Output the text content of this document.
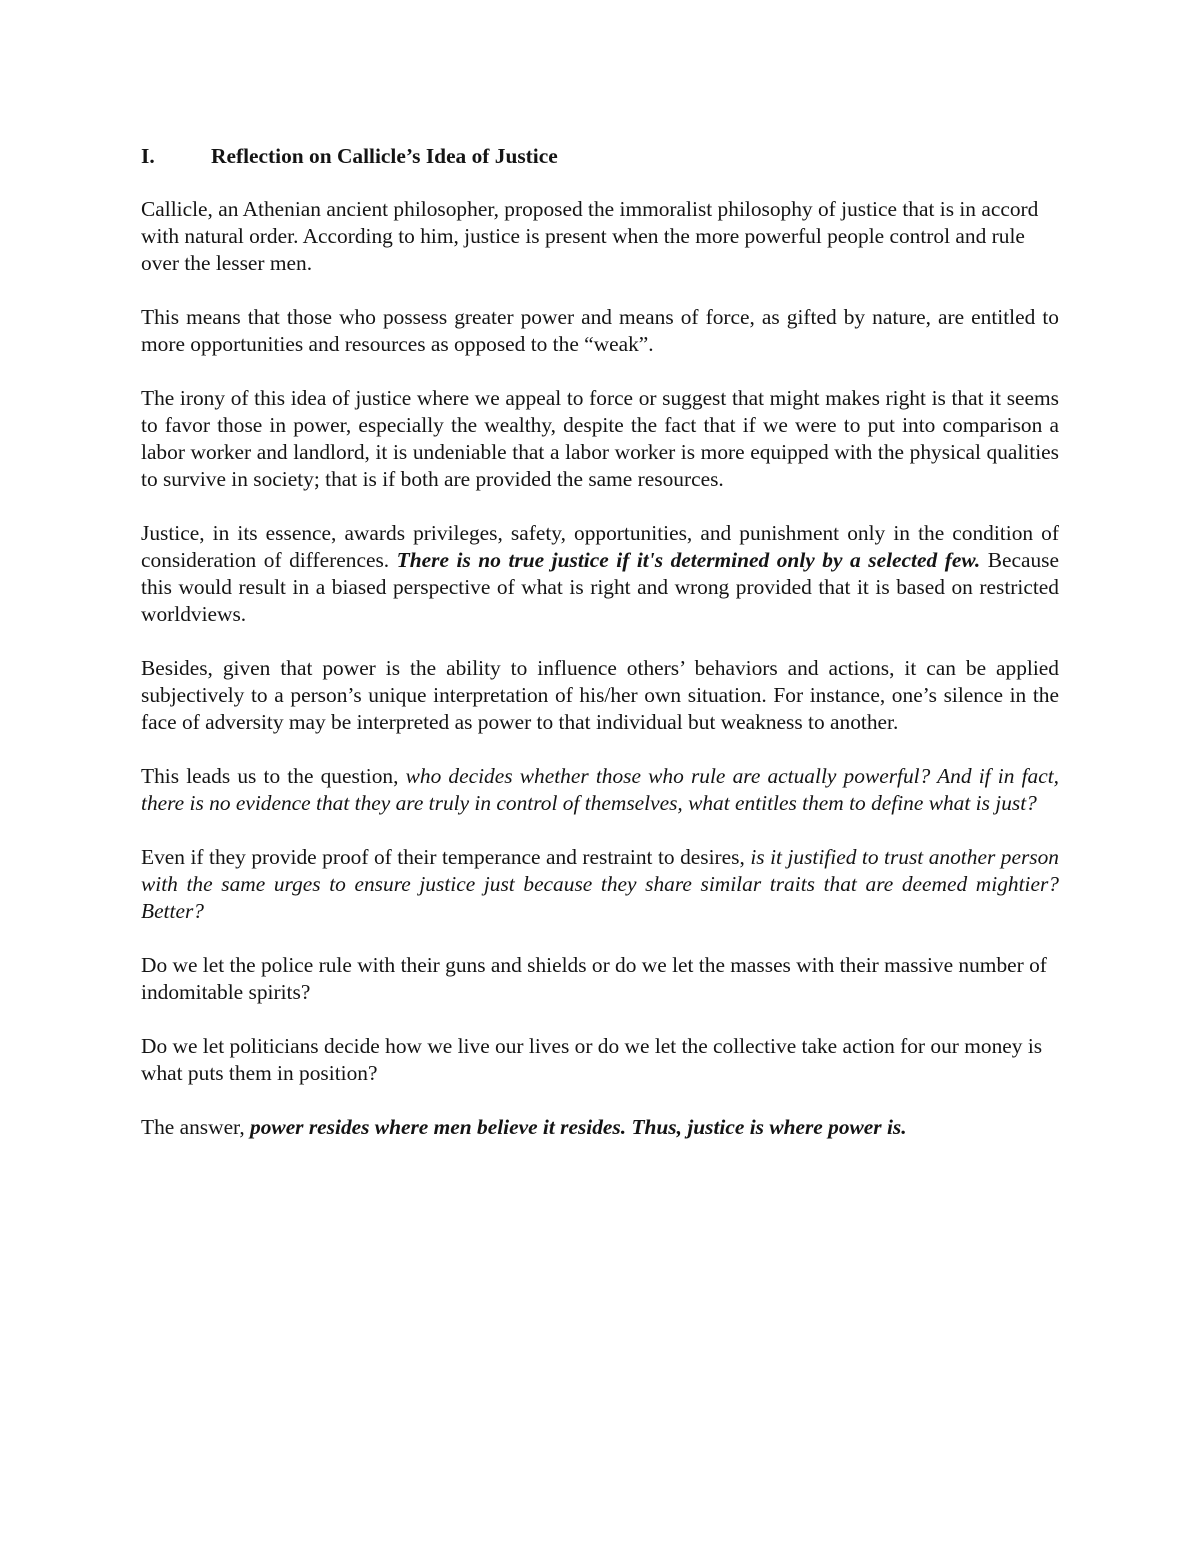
I.	Reflection on Callicle’s Idea of Justice

Callicle, an Athenian ancient philosopher, proposed the immoralist philosophy of justice that is in accord with natural order. According to him, justice is present when the more powerful people control and rule over the lesser men.

This means that those who possess greater power and means of force, as gifted by nature, are entitled to more opportunities and resources as opposed to the “weak”.

The irony of this idea of justice where we appeal to force or suggest that might makes right is that it seems to favor those in power, especially the wealthy, despite the fact that if we were to put into comparison a labor worker and landlord, it is undeniable that a labor worker is more equipped with the physical qualities to survive in society; that is if both are provided the same resources.

Justice, in its essence, awards privileges, safety, opportunities, and punishment only in the condition of consideration of differences. There is no true justice if it's determined only by a selected few. Because this would result in a biased perspective of what is right and wrong provided that it is based on restricted worldviews.

Besides, given that power is the ability to influence others’ behaviors and actions, it can be applied subjectively to a person’s unique interpretation of his/her own situation. For instance, one’s silence in the face of adversity may be interpreted as power to that individual but weakness to another.

This leads us to the question, who decides whether those who rule are actually powerful? And if in fact, there is no evidence that they are truly in control of themselves, what entitles them to define what is just?

Even if they provide proof of their temperance and restraint to desires, is it justified to trust another person with the same urges to ensure justice just because they share similar traits that are deemed mightier? Better?

Do we let the police rule with their guns and shields or do we let the masses with their massive number of indomitable spirits?

Do we let politicians decide how we live our lives or do we let the collective take action for our money is what puts them in position?

The answer, power resides where men believe it resides. Thus, justice is where power is.
